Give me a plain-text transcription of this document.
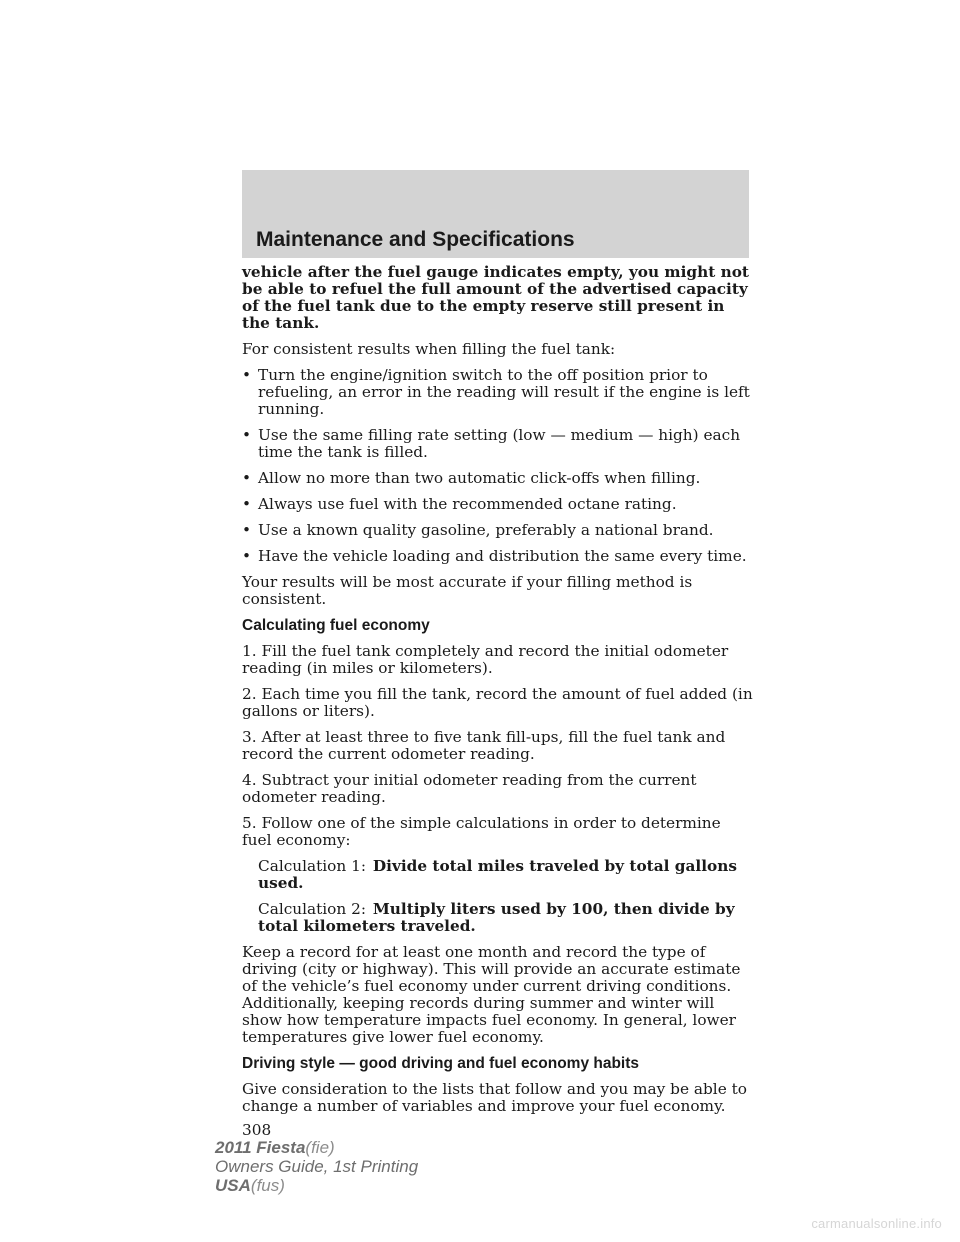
Maintenance and Specifications

vehicle after the fuel gauge indicates empty, you might not be able to refuel the full amount of the advertised capacity of the fuel tank due to the empty reserve still present in the tank.

For consistent results when filling the fuel tank:

• Turn the engine/ignition switch to the off position prior to refueling, an error in the reading will result if the engine is left running.
• Use the same filling rate setting (low — medium — high) each time the tank is filled.
• Allow no more than two automatic click-offs when filling.
• Always use fuel with the recommended octane rating.
• Use a known quality gasoline, preferably a national brand.
• Have the vehicle loading and distribution the same every time.

Your results will be most accurate if your filling method is consistent.

Calculating fuel economy

1. Fill the fuel tank completely and record the initial odometer reading (in miles or kilometers).

2. Each time you fill the tank, record the amount of fuel added (in gallons or liters).

3. After at least three to five tank fill-ups, fill the fuel tank and record the current odometer reading.

4. Subtract your initial odometer reading from the current odometer reading.

5. Follow one of the simple calculations in order to determine fuel economy:

Calculation 1: Divide total miles traveled by total gallons used.
Calculation 2: Multiply liters used by 100, then divide by total kilometers traveled.

Keep a record for at least one month and record the type of driving (city or highway). This will provide an accurate estimate of the vehicle’s fuel economy under current driving conditions. Additionally, keeping records during summer and winter will show how temperature impacts fuel economy. In general, lower temperatures give lower fuel economy.

Driving style — good driving and fuel economy habits

Give consideration to the lists that follow and you may be able to change a number of variables and improve your fuel economy.

308
2011 Fiesta(fie)
Owners Guide, 1st Printing
USA(fus)
carmanualsonline.info
